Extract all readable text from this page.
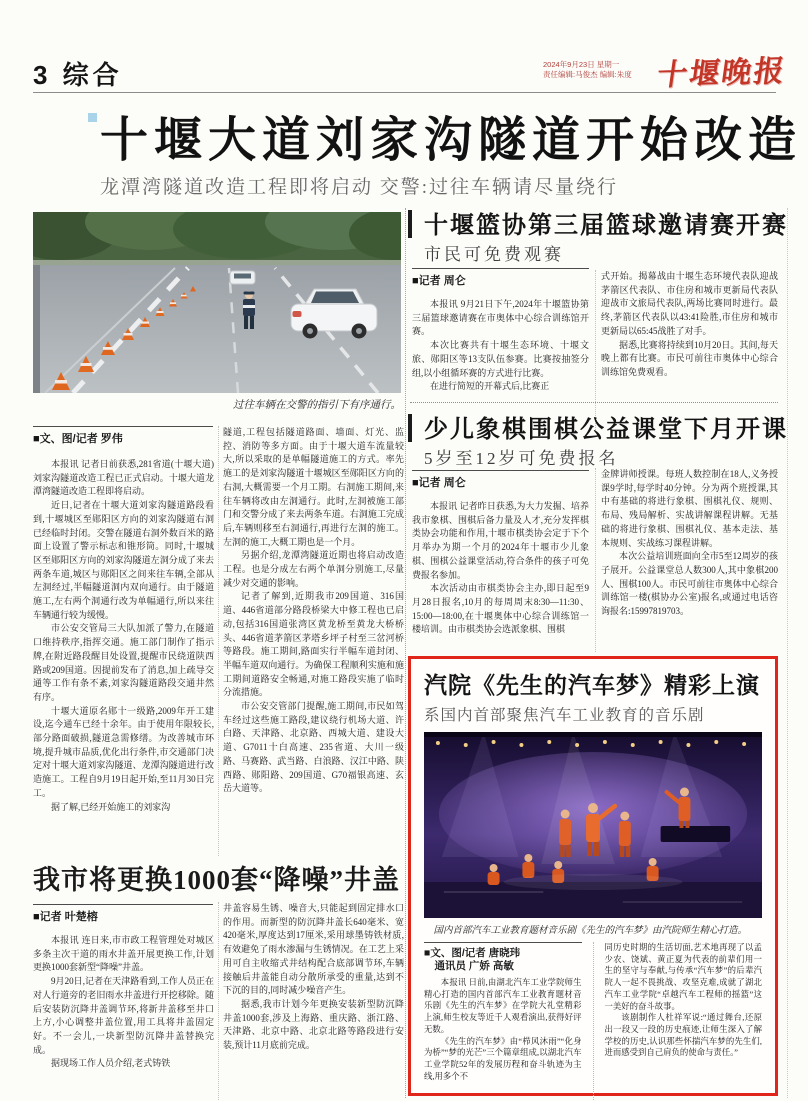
3 综合	2024年9月23日 星期一
责任编辑:马俊杰 编辑:朱度 十堰晚报
十堰大道刘家沟隧道开始改造
龙潭湾隧道改造工程即将启动 交警:过往车辆请尽量绕行
过往车辆在交警的指引下有序通行。
■文、图/记者 罗伟

本报讯 记者日前获悉,281省道(十堰大道)刘家沟隧道改造工程已正式启动。十堰大道龙潭湾隧道改造工程即将启动。

近日,记者在十堰大道刘家沟隧道路段看到,十堰城区至郧阳区方向的刘家沟隧道右洞已经临时封闭。交警在隧道右洞外数百米的路面上设置了警示标志和锥形筒。同时,十堰城区至郧阳区方向的刘家沟隧道左洞分成了来去两条车道,城区与郧阳区之间来往车辆,全部从左洞经过,半幅隧道洞内双向通行。由于隧道施工,左右两个洞通行改为单幅通行,所以来往车辆通行较为缓慢。

市公安交管局三大队加派了警力,在隧道口维持秩序,指挥交通。施工部门制作了指示牌,在附近路段醒目处设置,提醒市民绕道陕西路或209国道。因提前发布了消息,加上疏导交通等工作有条不紊,刘家沟隧道路段交通井然有序。

十堰大道原名郧十一级路,2009年开工建设,迄今通车已经十余年。由于使用年限较长,部分路面破损,隧道急需修缮。为改善城市环境,提升城市品质,优化出行条件,市交通部门决定对十堰大道刘家沟隧道、龙潭沟隧道进行改造施工。工程自9月19日起开始,至11月30日完工。

据了解,已经开始施工的刘家沟

隧道,工程包括隧道路面、墙面、灯光、监控、消防等多方面。由于十堰大道车流量较大,所以采取的是单幅隧道施工的方式。率先施工的是刘家沟隧道十堰城区至郧阳区方向的右洞,大概需要一个月工期。右洞施工期间,来往车辆将改由左洞通行。此时,左洞被施工部门和交警分成了来去两条车道。右洞施工完成后,车辆则移至右洞通行,再进行左洞的施工。左洞的施工,大概工期也是一个月。

另据介绍,龙潭湾隧道近期也将启动改造工程。也是分成左右两个单洞分别施工,尽量减少对交通的影响。

记者了解到,近期我市209国道、316国道、446省道部分路段桥梁大中修工程也已启动,包括316国道张湾区黄龙桥至黄龙大桥桥头、446省道茅箭区茅塔乡坪子村至三岔河桥等路段。施工期间,路面实行半幅车道封闭、半幅车道双向通行。为确保工程顺利实施和施工期间道路安全畅通,对施工路段实施了临时分流措施。

市公安交管部门提醒,施工期间,市民如驾车经过这些施工路段,建议绕行机场大道、许白路、天津路、北京路、西城大道、建设大道、G7011十白高速、235省道、大川一级路、马赛路、武当路、白浪路、汉江中路、陕西路、郧阳路、209国道、G70福银高速、玄岳大道等。

我市将更换1000套“降噪”井盖
■记者 叶楚榕

本报讯 连日来,市市政工程管理处对城区多条主次干道的雨水井盖开展更换工作,计划更换1000套新型“降噪”井盖。

9月20日,记者在天津路看到,工作人员正在对人行道旁的老旧雨水井盖进行开挖移除。随后安装防沉降井盖调节环,将新井盖移至井口上方,小心调整井盖位置,用工具将井盖固定好。不一会儿,一块新型防沉降井盖替换完成。

据现场工作人员介绍,老式铸铁

井盖容易生锈、噪音大,只能起到固定排水口的作用。而新型的防沉降井盖长640毫米、宽420毫米,厚度达到17厘米,采用球墨铸铁材质,有效避免了雨水渗漏与生锈情况。在工艺上采用可自主收缩式井结构配合底部调节环,车辆接触后井盖能自动分散所承受的重量,达到不下沉的目的,同时减少噪音产生。

据悉,我市计划今年更换安装新型防沉降井盖1000套,涉及上海路、重庆路、浙江路、天津路、北京中路、北京北路等路段进行安装,预计11月底前完成。

十堰篮协第三届篮球邀请赛开赛
市民可免费观赛
■记者 周仑

本报讯 9月21日下午,2024年十堰篮协第三届篮球邀请赛在市奥体中心综合训练馆开赛。

本次比赛共有十堰生态环境、十堰文旅、郧阳区等13支队伍参赛。比赛按抽签分组,以小组循环赛的方式进行比赛。

在进行简短的开幕式后,比赛正

式开始。揭幕战由十堰生态环境代表队迎战茅箭区代表队、市住房和城市更新局代表队迎战市文旅局代表队,两场比赛同时进行。最终,茅箭区代表队以43:41险胜,市住房和城市更新局以65:45战胜了对手。

据悉,比赛将持续到10月20日。其间,每天晚上都有比赛。市民可前往市奥体中心综合训练馆免费观看。

少儿象棋围棋公益课堂下月开课
5岁至12岁可免费报名
■记者 周仑

本报讯 记者昨日获悉,为大力发掘、培养我市象棋、围棋后备力量及人才,充分发挥棋类协会功能和作用,十堰市棋类协会定于下个月举办为期一个月的2024年十堰市少儿象棋、围棋公益课堂活动,符合条件的孩子可免费报名参加。

本次活动由市棋类协会主办,即日起至9月28日报名,10月的每周周末8:30—11:30、15:00—18:00,在十堰奥体中心综合训练馆一楼培训。由市棋类协会选派象棋、围棋

金牌讲师授课。每班人数控制在18人,义务授课9学时,每学时40分钟。分为两个班授课,其中有基础的将进行象棋、围棋礼仪、规则、布局、残局解析、实战讲解课程讲解。无基础的将进行象棋、围棋礼仪、基本走法、基本规则、实战练习课程讲解。

本次公益培训班面向全市5至12周岁的孩子展开。公益课堂总人数300人,其中象棋200人、围棋100人。市民可前往市奥体中心综合训练馆一楼(棋协办公室)报名,或通过电话咨询报名:15997819703。

汽院《先生的汽车梦》精彩上演
系国内首部聚焦汽车工业教育的音乐剧
国内首部汽车工业教育题材音乐剧《先生的汽车梦》由汽院师生精心打造。
■文、图/记者 唐晓玮
通讯员 广娇 高敏

本报讯 日前,由湖北汽车工业学院师生精心打造的国内首部汽车工业教育题材音乐剧《先生的汽车梦》在学院大礼堂精彩上演,师生校友等近千人观看演出,获得好评无数。

《先生的汽车梦》由“栉风沐雨”“化身为桥”“梦的光芒”三个篇章组成,以湖北汽车工业学院52年的发展历程和奋斗轨迹为主线,用多个不

同历史时期的生活切面,艺术地再现了以孟少农、饶斌、黄正夏为代表的前辈们用一生的坚守与奉献,与传承“汽车梦”的后辈汽院人一起不畏挑战、攻坚克难,成就了湖北汽车工业学院“卓越汽车工程师的摇篮”这一美好的奋斗故事。

该剧制作人杜祥军说:“通过舞台,还原出一段又一段的历史痕迹,让师生深入了解学校的历史,认识那些怀揣汽车梦的先生们,进而感受到自己肩负的使命与责任。”
